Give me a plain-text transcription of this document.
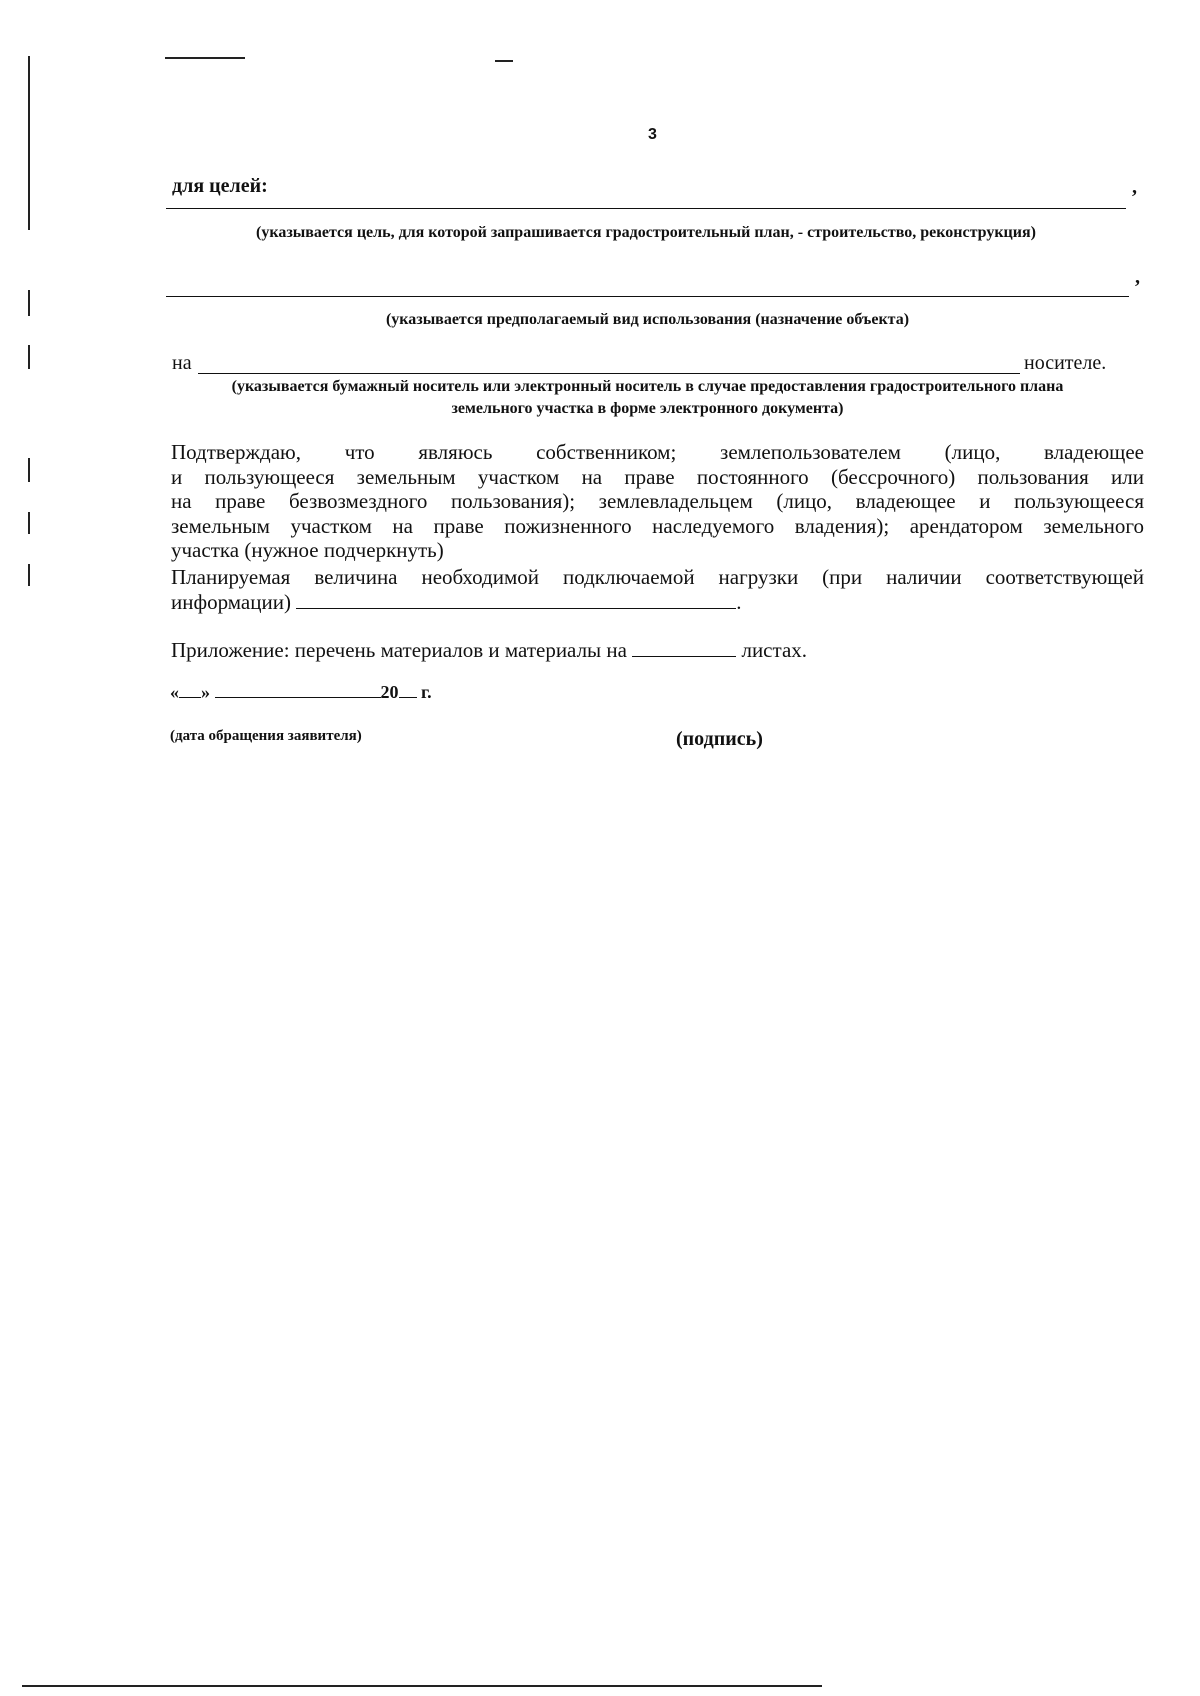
3
для целей:	,
(указывается цель, для которой запрашивается градостроительный план, - строительство, реконструкция)
,
(указывается предполагаемый вид использования (назначение объекта)
на	носителе.
(указывается бумажный носитель или электронный носитель в случае предоставления градостроительного плана
земельного участка в форме электронного документа)
Подтверждаю, что являюсь собственником; землепользователем (лицо, владеющее
и пользующееся земельным участком на праве постоянного (бессрочного) пользования или
на праве безвозмездного пользования); землевладельцем (лицо, владеющее и пользующееся
земельным участком на праве пожизненного наследуемого владения); арендатором земельного
участка (нужное подчеркнуть)
Планируемая величина необходимой подключаемой нагрузки (при наличии соответствующей
информации)	.
Приложение: перечень материалов и материалы на	листах.
« »	20 г.
(дата обращения заявителя)	(подпись)
